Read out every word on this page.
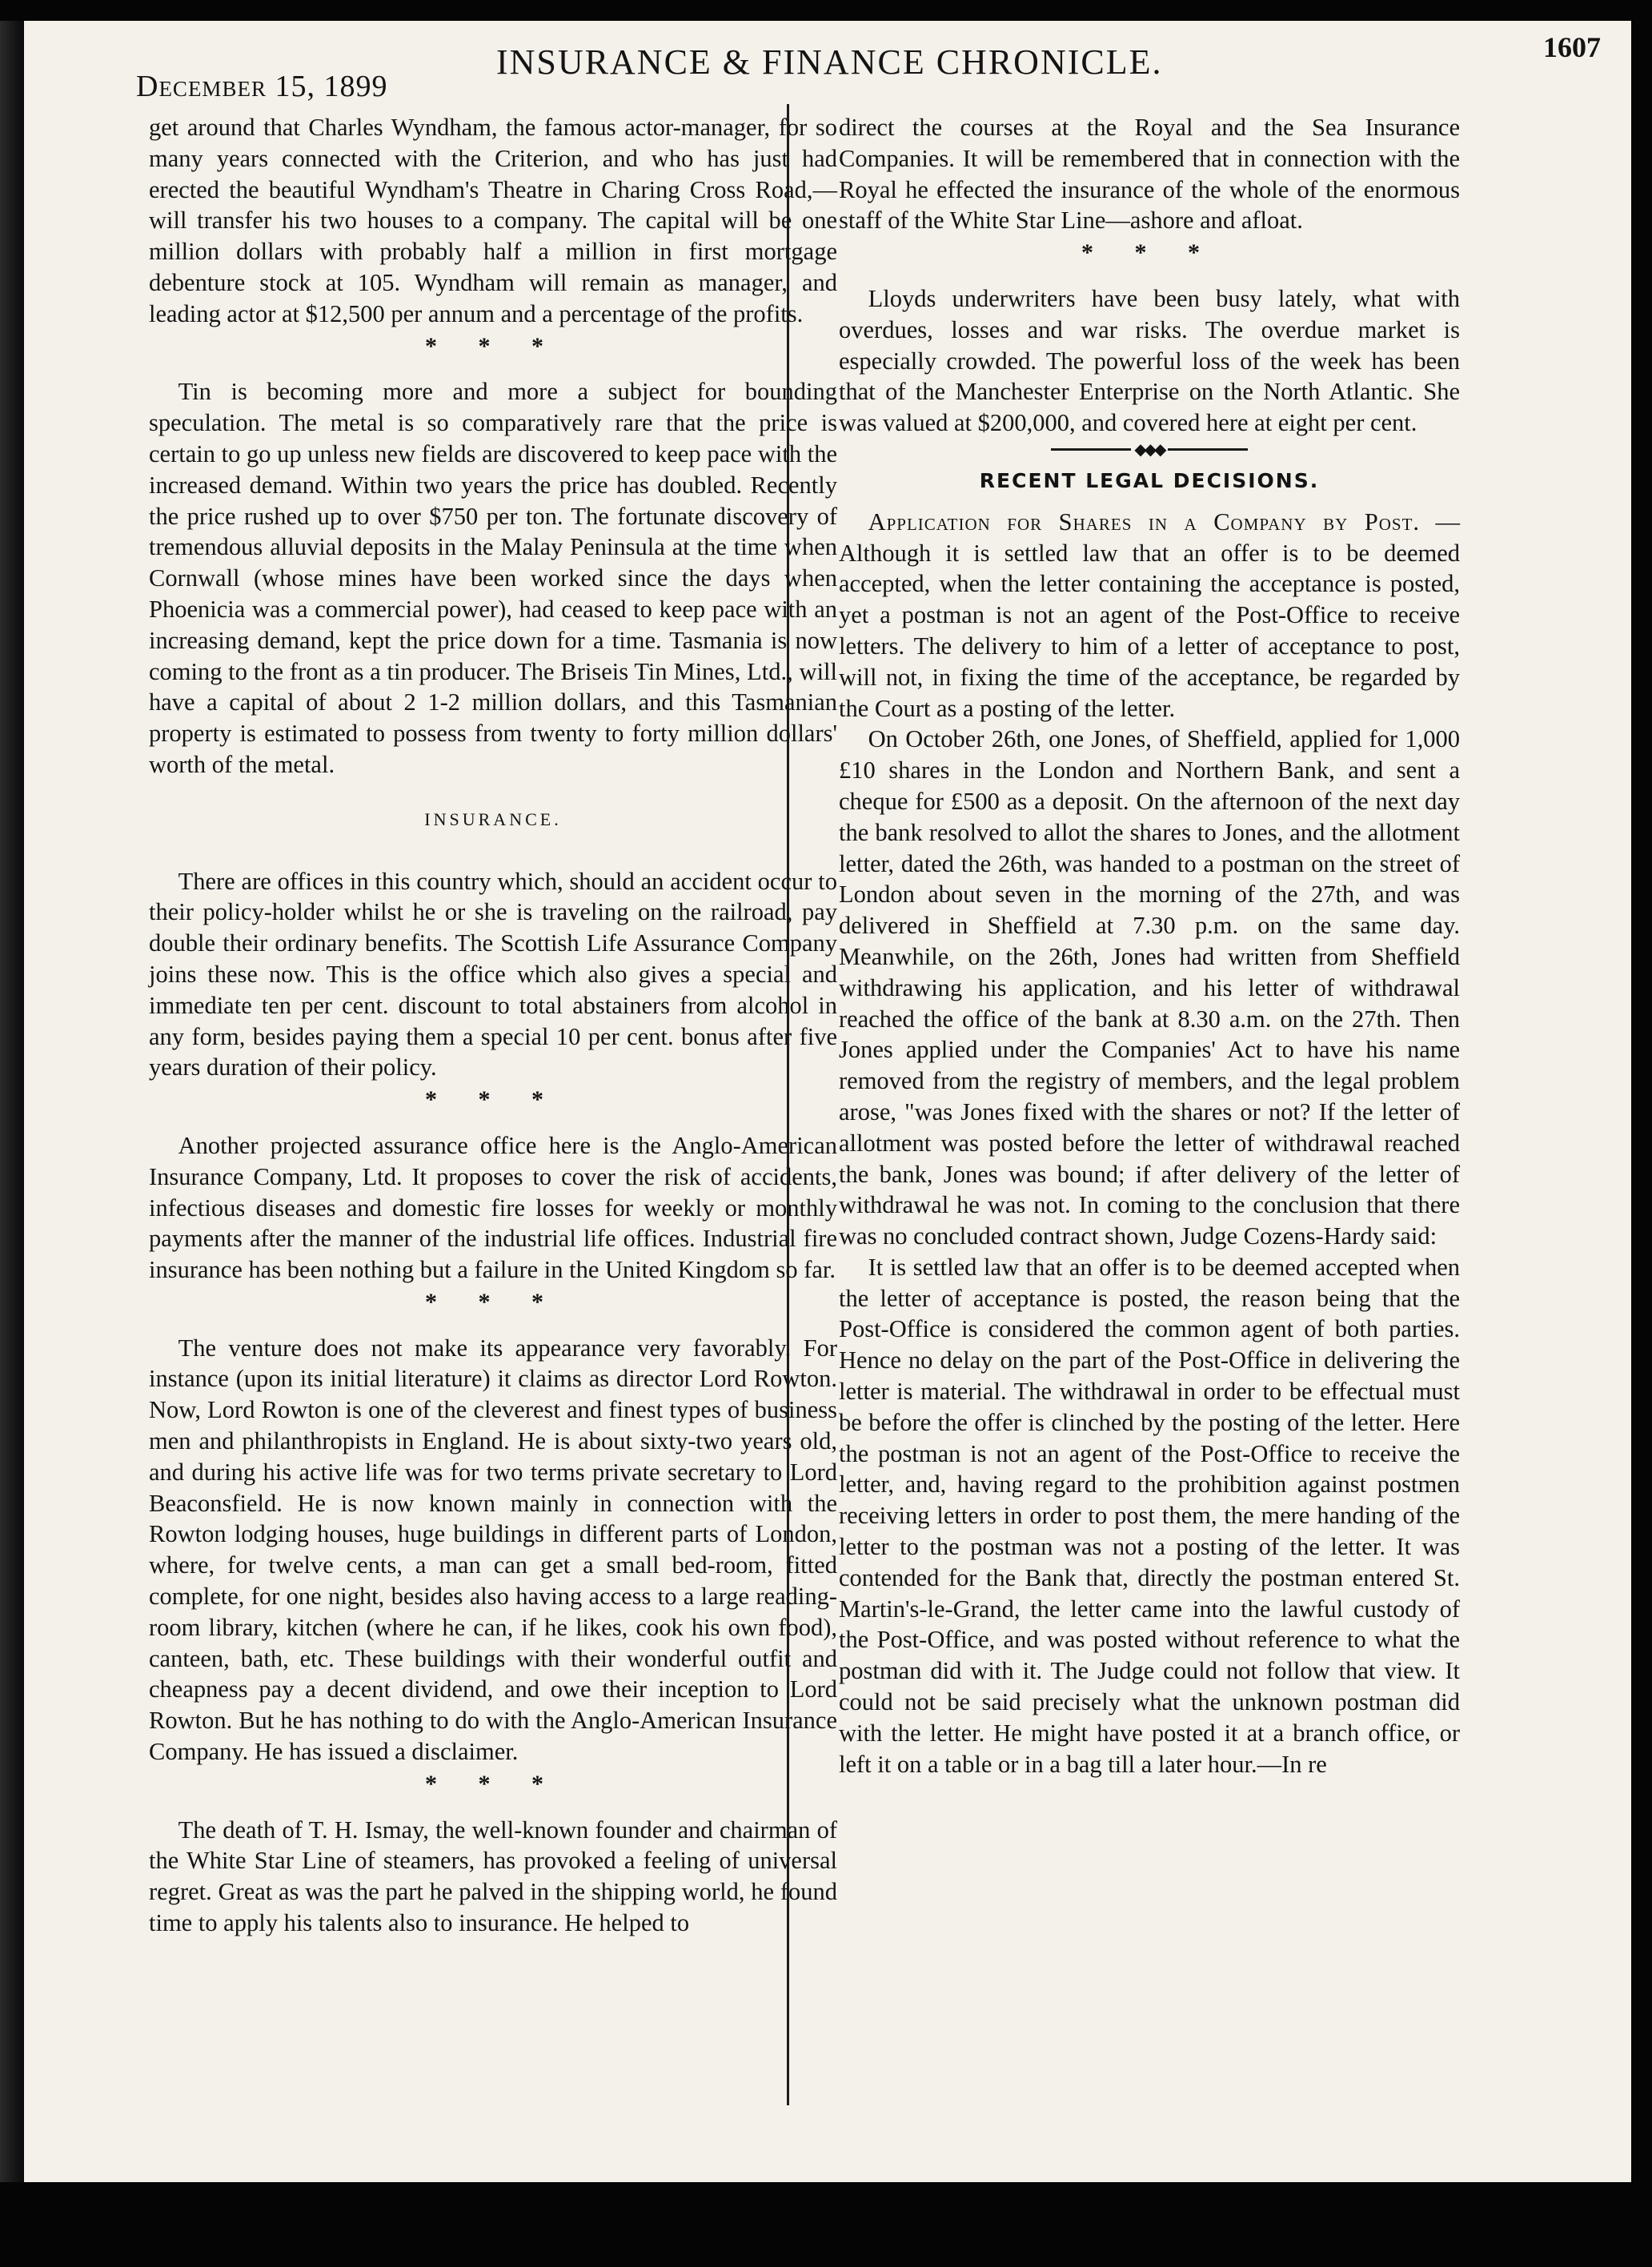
December 15, 1899
INSURANCE & FINANCE CHRONICLE.	1607

get around that Charles Wyndham, the famous actor-manager, for so many years connected with the Criterion, and who has just had erected the beautiful Wyndham's Theatre in Charing Cross Road,—will transfer his two houses to a company. The capital will be one million dollars with probably half a million in first mortgage debenture stock at 105. Wyndham will remain as manager, and leading actor at $12,500 per annum and a percentage of the profits.

* * *

Tin is becoming more and more a subject for bounding speculation. The metal is so comparatively rare that the price is certain to go up unless new fields are discovered to keep pace with the increased demand. Within two years the price has doubled. Recently the price rushed up to over $750 per ton. The fortunate discovery of tremendous alluvial deposits in the Malay Peninsula at the time when Cornwall (whose mines have been worked since the days when Phoenicia was a commercial power), had ceased to keep pace with an increasing demand, kept the price down for a time. Tasmania is now coming to the front as a tin producer. The Briseis Tin Mines, Ltd., will have a capital of about 2 1-2 million dollars, and this Tasmanian property is estimated to possess from twenty to forty million dollars' worth of the metal.

INSURANCE.

There are offices in this country which, should an accident occur to their policy-holder whilst he or she is traveling on the railroad, pay double their ordinary benefits. The Scottish Life Assurance Company joins these now. This is the office which also gives a special and immediate ten per cent. discount to total abstainers from alcohol in any form, besides paying them a special 10 per cent. bonus after five years duration of their policy.

* * *

Another projected assurance office here is the Anglo-American Insurance Company, Ltd. It proposes to cover the risk of accidents, infectious diseases and domestic fire losses for weekly or monthly payments after the manner of the industrial life offices. Industrial fire insurance has been nothing but a failure in the United Kingdom so far.

* * *

The venture does not make its appearance very favorably. For instance (upon its initial literature) it claims as director Lord Rowton. Now, Lord Rowton is one of the cleverest and finest types of business men and philanthropists in England. He is about sixty-two years old, and during his active life was for two terms private secretary to Lord Beaconsfield. He is now known mainly in connection with the Rowton lodging houses, huge buildings in different parts of London, where, for twelve cents, a man can get a small bed-room, fitted complete, for one night, besides also having access to a large reading-room library, kitchen (where he can, if he likes, cook his own food), canteen, bath, etc. These buildings with their wonderful outfit and cheapness pay a decent dividend, and owe their inception to Lord Rowton. But he has nothing to do with the Anglo-American Insurance Company. He has issued a disclaimer.

* * *

The death of T. H. Ismay, the well-known founder and chairman of the White Star Line of steamers, has provoked a feeling of universal regret. Great as was the part he palved in the shipping world, he found time to apply his talents also to insurance. He helped to

direct the courses at the Royal and the Sea Insurance Companies. It will be remembered that in connection with the Royal he effected the insurance of the whole of the enormous staff of the White Star Line—ashore and afloat.

* * *

Lloyds underwriters have been busy lately, what with overdues, losses and war risks. The overdue market is especially crowded. The powerful loss of the week has been that of the Manchester Enterprise on the North Atlantic. She was valued at $200,000, and covered here at eight per cent.

◆◆◆
RECENT LEGAL DECISIONS.

Application for Shares in a Company by Post. —Although it is settled law that an offer is to be deemed accepted, when the letter containing the acceptance is posted, yet a postman is not an agent of the Post-Office to receive letters. The delivery to him of a letter of acceptance to post, will not, in fixing the time of the acceptance, be regarded by the Court as a posting of the letter.

On October 26th, one Jones, of Sheffield, applied for 1,000 £10 shares in the London and Northern Bank, and sent a cheque for £500 as a deposit. On the afternoon of the next day the bank resolved to allot the shares to Jones, and the allotment letter, dated the 26th, was handed to a postman on the street of London about seven in the morning of the 27th, and was delivered in Sheffield at 7.30 p.m. on the same day. Meanwhile, on the 26th, Jones had written from Sheffield withdrawing his application, and his letter of withdrawal reached the office of the bank at 8.30 a.m. on the 27th. Then Jones applied under the Companies' Act to have his name removed from the registry of members, and the legal problem arose, "was Jones fixed with the shares or not? If the letter of allotment was posted before the letter of withdrawal reached the bank, Jones was bound; if after delivery of the letter of withdrawal he was not. In coming to the conclusion that there was no concluded contract shown, Judge Cozens-Hardy said:

It is settled law that an offer is to be deemed accepted when the letter of acceptance is posted, the reason being that the Post-Office is considered the common agent of both parties. Hence no delay on the part of the Post-Office in delivering the letter is material. The withdrawal in order to be effectual must be before the offer is clinched by the posting of the letter. Here the postman is not an agent of the Post-Office to receive the letter, and, having regard to the prohibition against postmen receiving letters in order to post them, the mere handing of the letter to the postman was not a posting of the letter. It was contended for the Bank that, directly the postman entered St. Martin's-le-Grand, the letter came into the lawful custody of the Post-Office, and was posted without reference to what the postman did with it. The Judge could not follow that view. It could not be said precisely what the unknown postman did with the letter. He might have posted it at a branch office, or left it on a table or in a bag till a later hour.—In re
